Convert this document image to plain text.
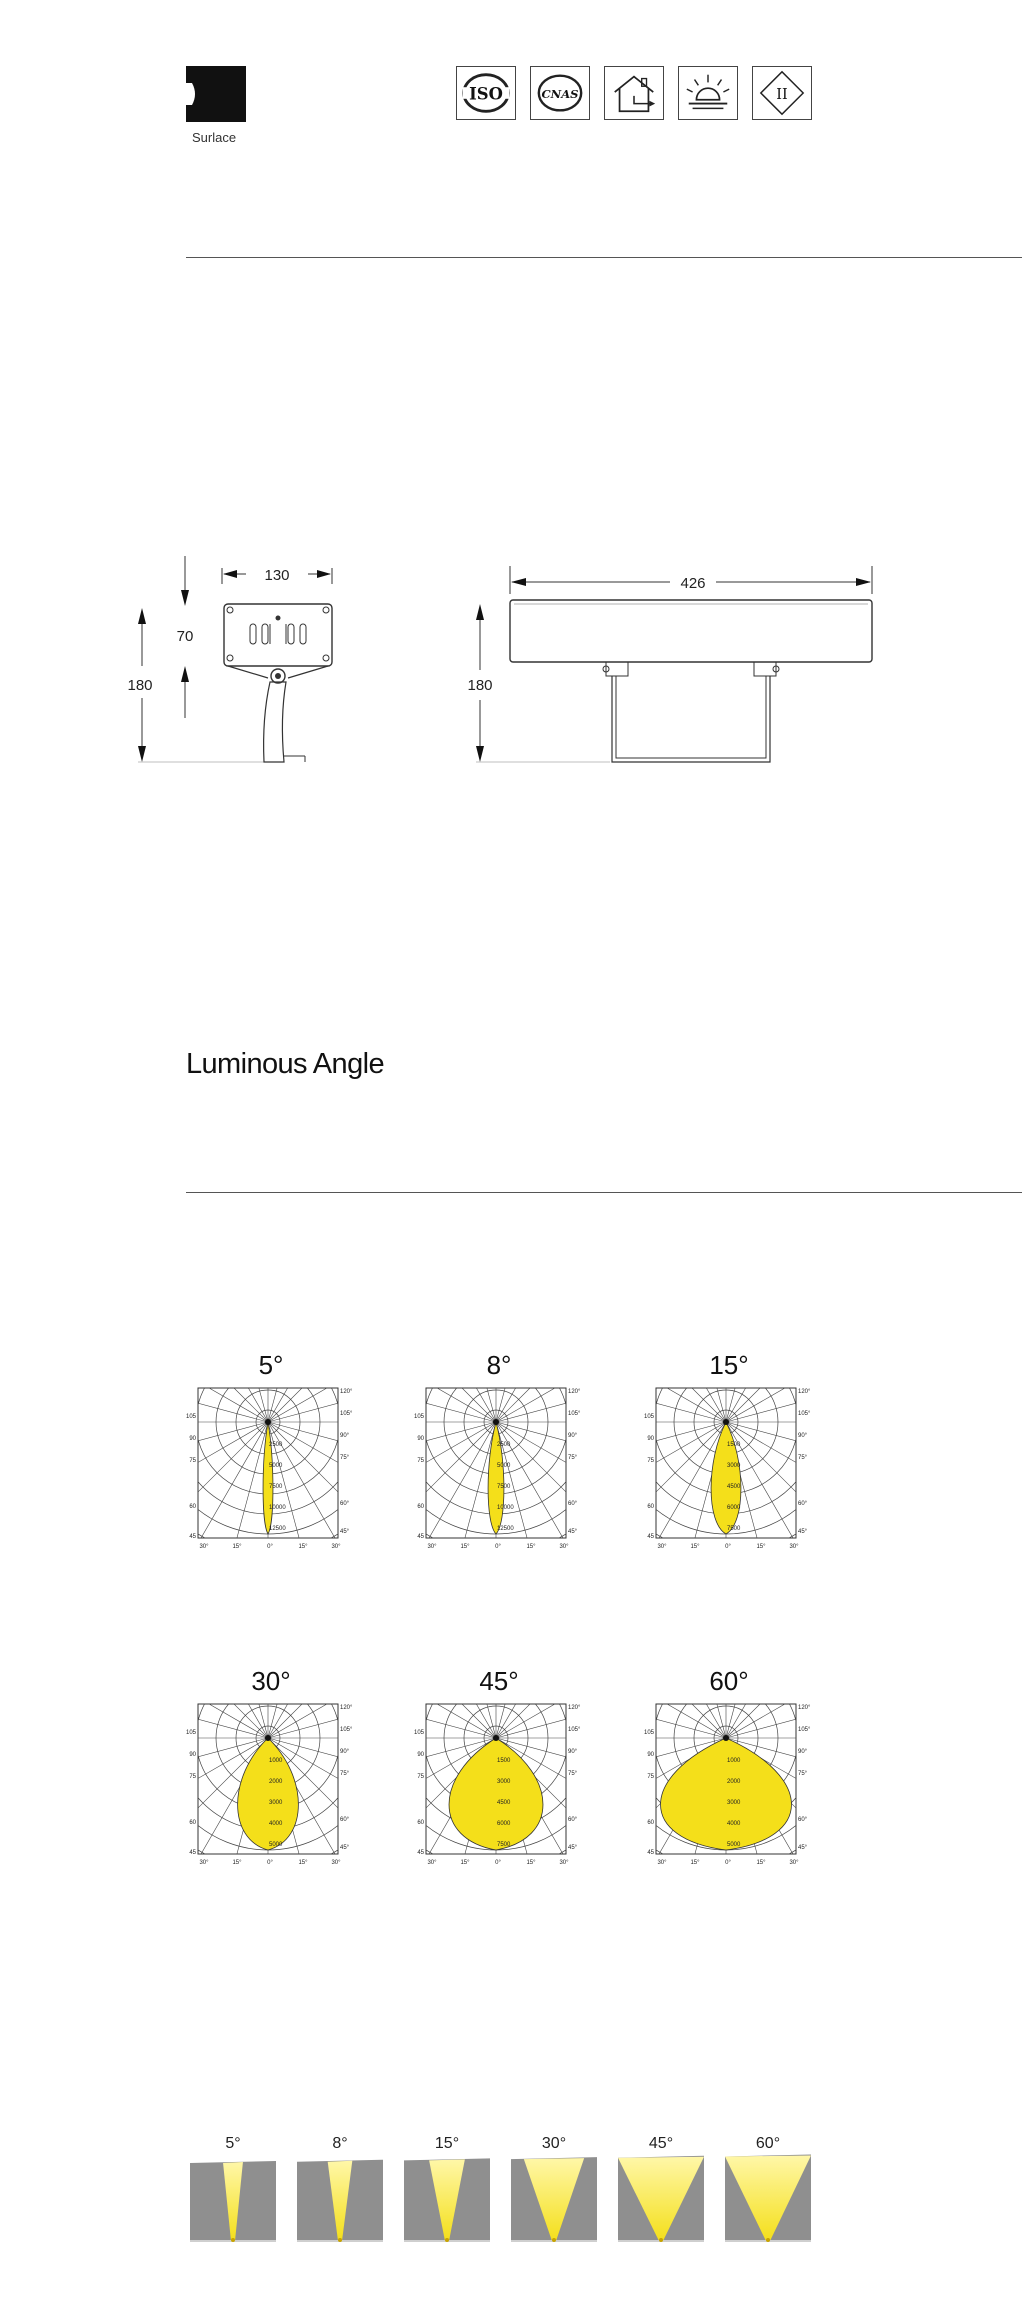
Surlace
ISO	CNAS	II
130
70
180
426
180
Luminous Angle
5°
2500
5000
7500
10000
12500
105
90
75
60
45
120°
105°
90°
75°
60°
45°
30°	15°	0°	15°	30°
8°
2500
5000
7500
10000
12500
105
90
75
60
45
120°
105°
90°
75°
60°
45°
30°	15°	0°	15°	30°
15°
1500
3000
4500
6000
7500
105
90
75
60
45
120°
105°
90°
75°
60°
45°
30°	15°	0°	15°	30°
30°
1000
2000
3000
4000
5000
105
90
75
60
45
120°
105°
90°
75°
60°
45°
30°	15°	0°	15°	30°
45°
1500
3000
4500
6000
7500
105
90
75
60
45
120°
105°
90°
75°
60°
45°
30°	15°	0°	15°	30°
60°
1000
2000
3000
4000
5000
105
90
75
60
45
120°
105°
90°
75°
60°
45°
30°	15°	0°	15°	30°
5°	8°	15°	30°	45°	60°
